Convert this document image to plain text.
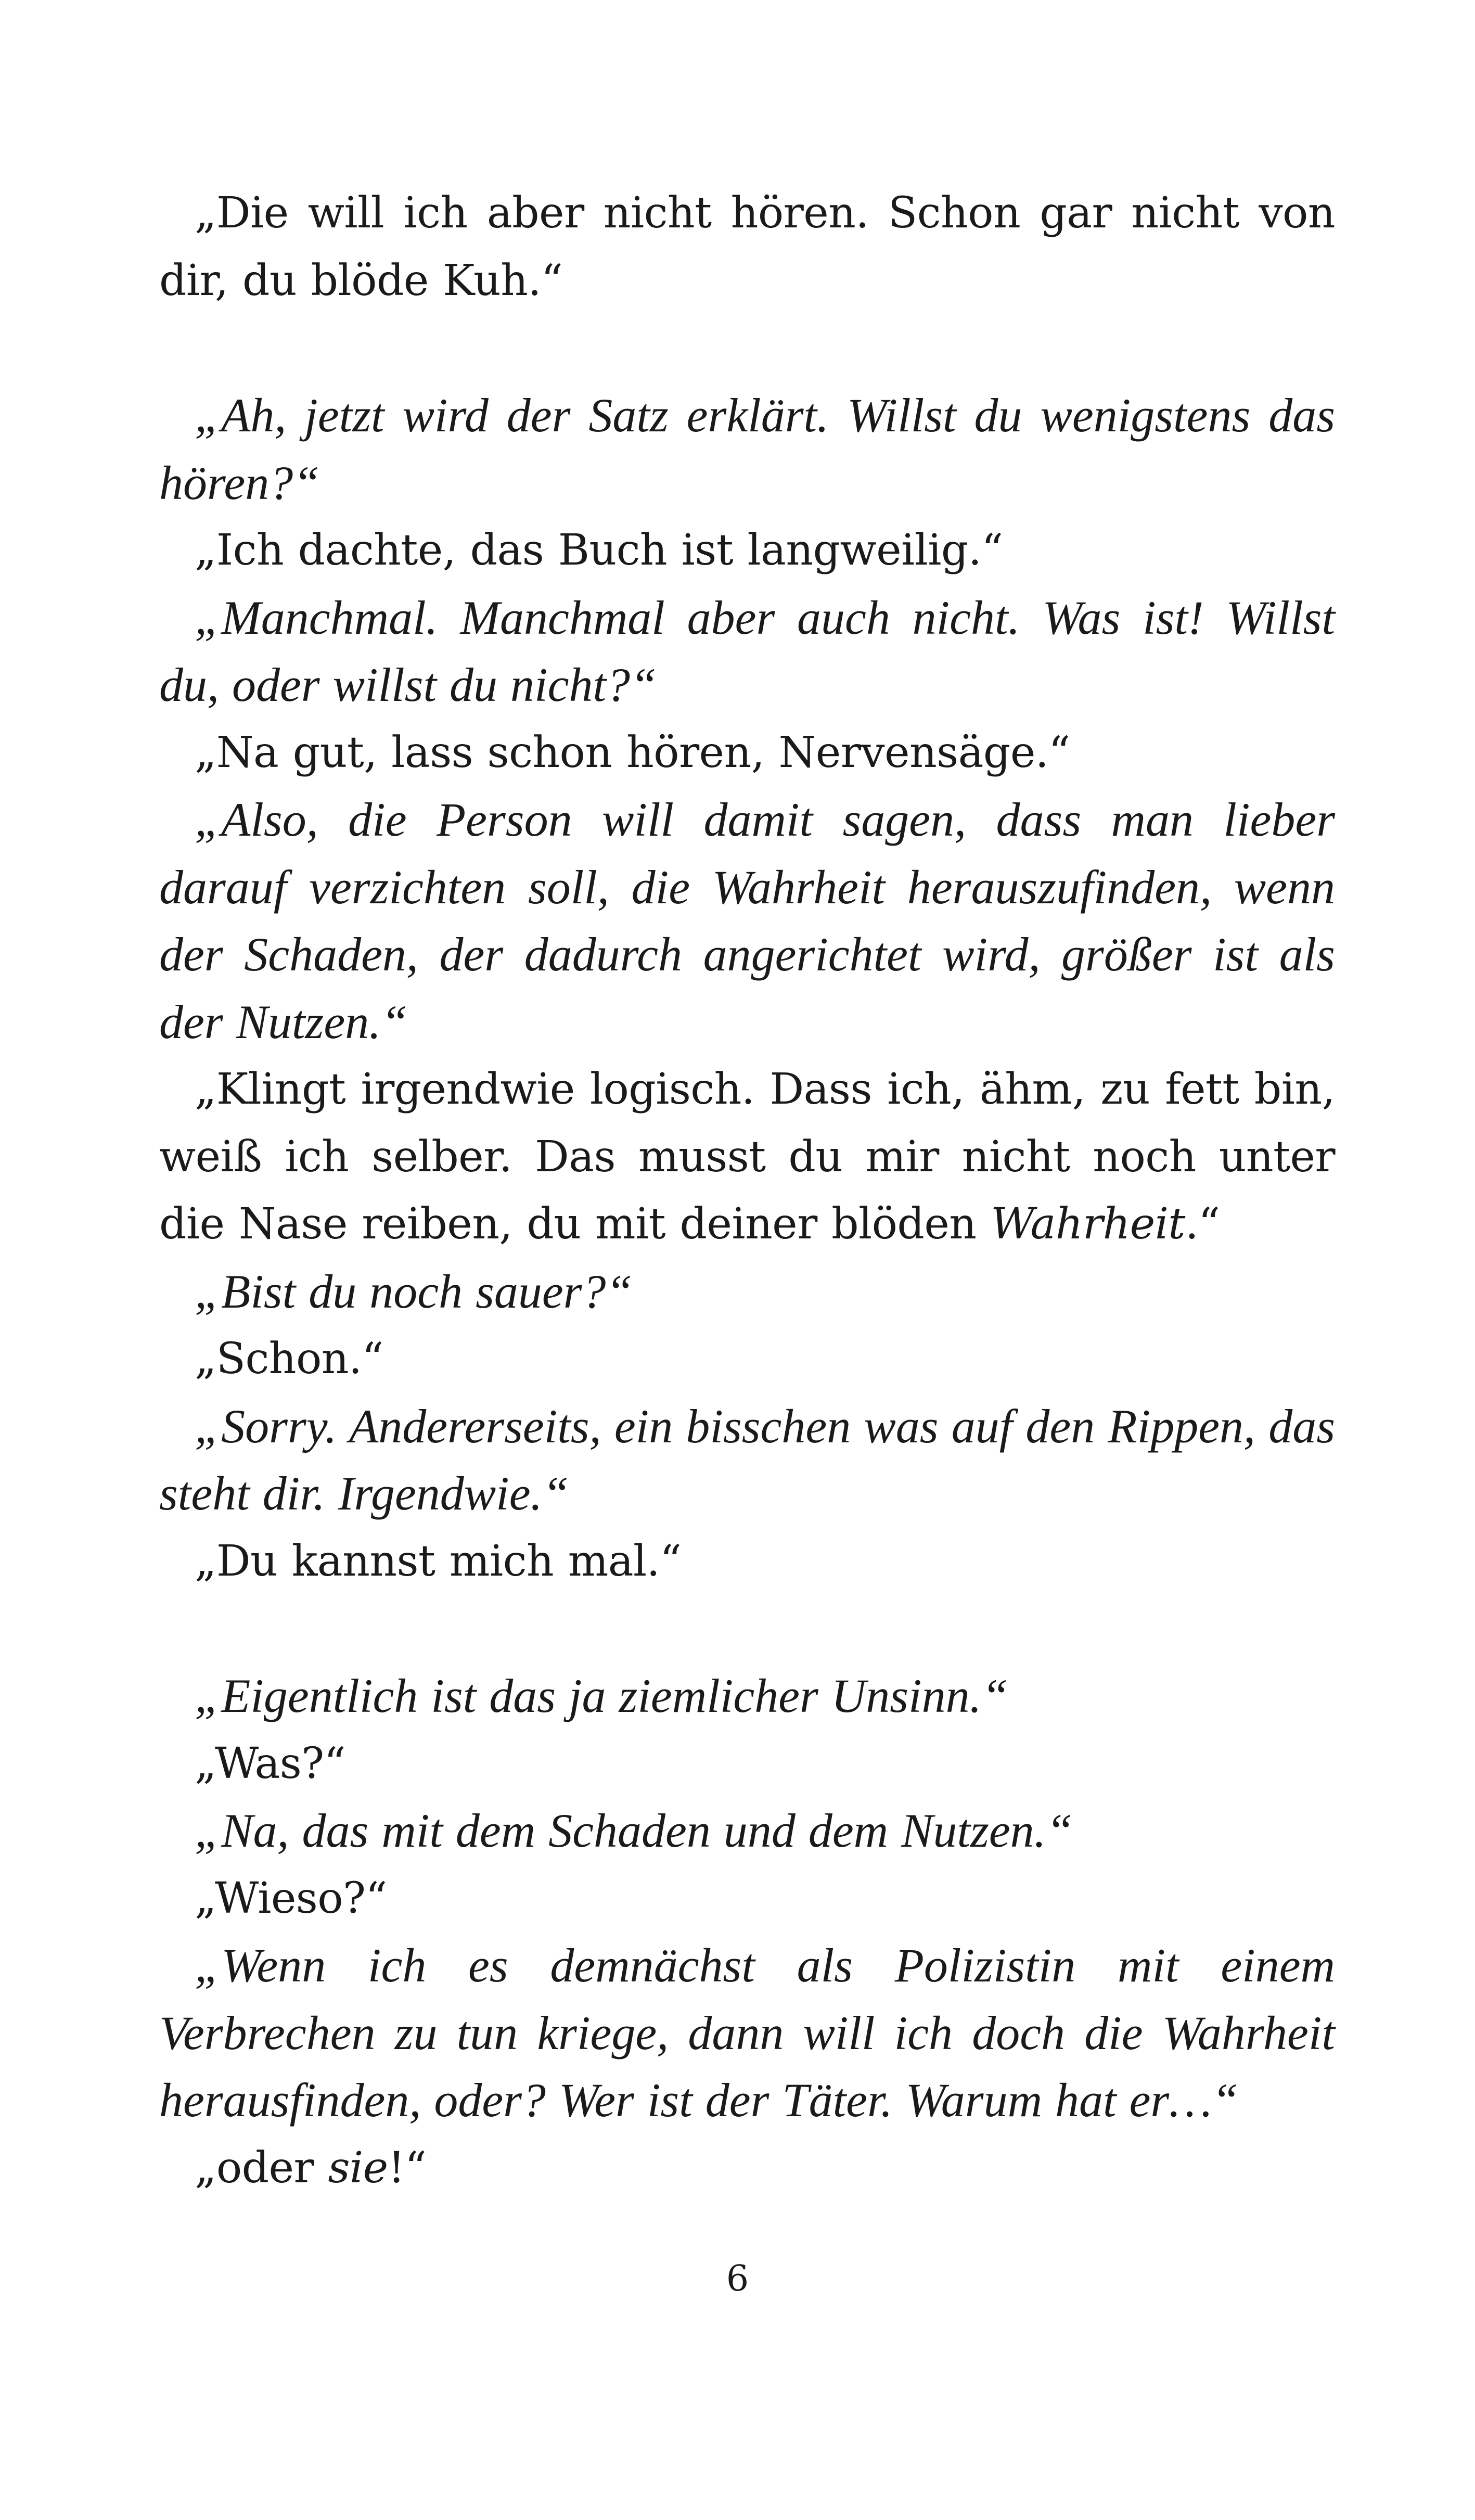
„Die will ich aber nicht hören. Schon gar nicht von dir, du blöde Kuh.“

„Ah, jetzt wird der Satz erklärt. Willst du wenigstens das hören?“

„Ich dachte, das Buch ist langweilig.“

„Manchmal. Manchmal aber auch nicht. Was ist! Willst du, oder willst du nicht?“

„Na gut, lass schon hören, Nervensäge.“

„Also, die Person will damit sagen, dass man lieber darauf verzichten soll, die Wahrheit herauszufinden, wenn der Schaden, der dadurch angerichtet wird, größer ist als der Nutzen.“

„Klingt irgendwie logisch. Dass ich, ähm, zu fett bin, weiß ich selber. Das musst du mir nicht noch unter die Nase reiben, du mit deiner blöden Wahrheit.“

„Bist du noch sauer?“

„Schon.“

„Sorry. Andererseits, ein bisschen was auf den Rippen, das steht dir. Irgendwie.“

„Du kannst mich mal.“

„Eigentlich ist das ja ziemlicher Unsinn.“

„Was?“

„Na, das mit dem Schaden und dem Nutzen.“

„Wieso?“

„Wenn ich es demnächst als Polizistin mit einem Verbrechen zu tun kriege, dann will ich doch die Wahrheit herausfinden, oder? Wer ist der Täter. Warum hat er…“

„oder sie!“

6
